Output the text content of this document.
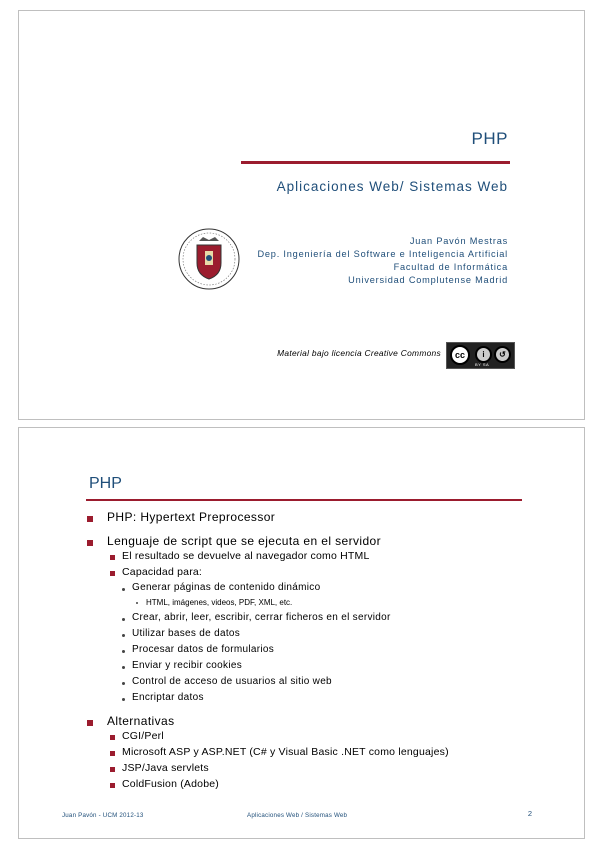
PHP
Aplicaciones Web/ Sistemas Web
Juan Pavón Mestras
Dep. Ingeniería del Software e Inteligencia Artificial
Facultad de Informática
Universidad Complutense Madrid
Material bajo licencia Creative Commons	cc	i	↺
BY SA
PHP
PHP: Hypertext Preprocessor
Lenguaje de script que se ejecuta en el servidor
El resultado se devuelve al navegador como HTML
Capacidad para:
Generar páginas de contenido dinámico
HTML, imágenes, videos, PDF, XML, etc.
Crear, abrir, leer, escribir, cerrar ficheros en el servidor
Utilizar bases de datos
Procesar datos de formularios
Enviar y recibir cookies
Control de acceso de usuarios al sitio web
Encriptar datos
Alternativas
CGI/Perl
Microsoft ASP y ASP.NET (C# y Visual Basic .NET como lenguajes)
JSP/Java servlets
ColdFusion (Adobe)
Juan Pavón - UCM 2012-13	Aplicaciones Web / Sistemas Web	2
